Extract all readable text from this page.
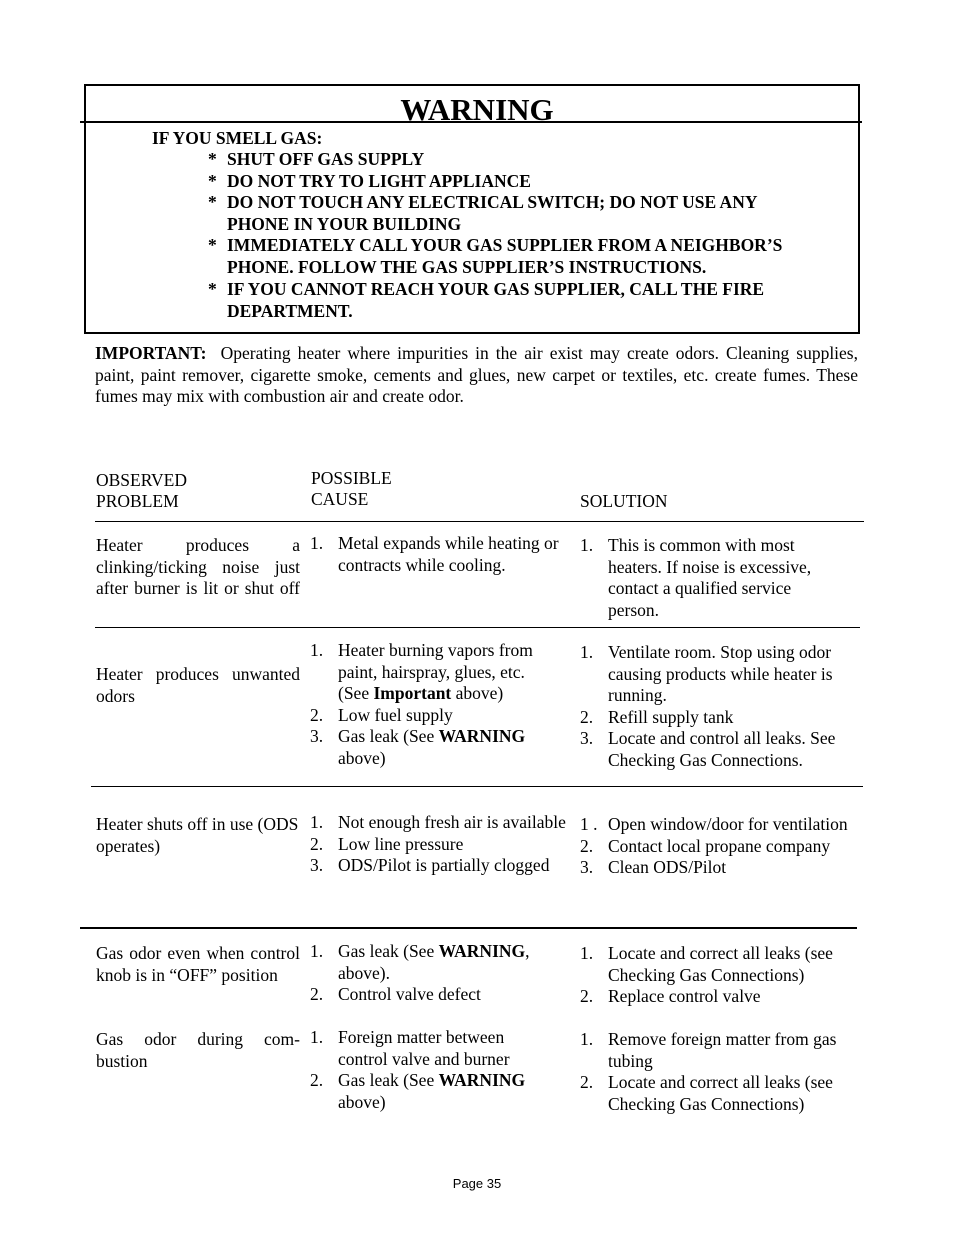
WARNING
IF YOU SMELL GAS:
* SHUT OFF GAS SUPPLY
* DO NOT TRY TO LIGHT APPLIANCE
* DO NOT TOUCH ANY ELECTRICAL SWITCH; DO NOT USE ANY PHONE IN YOUR BUILDING
* IMMEDIATELY CALL YOUR GAS SUPPLIER FROM A NEIGHBOR’S PHONE. FOLLOW THE GAS SUPPLIER’S INSTRUCTIONS.
* IF YOU CANNOT REACH YOUR GAS SUPPLIER, CALL THE FIRE DEPARTMENT.
IMPORTANT: Operating heater where impurities in the air exist may create odors. Cleaning supplies, paint, paint remover, cigarette smoke, cements and glues, new carpet or textiles, etc. create fumes. These fumes may mix with combustion air and create odor.
OBSERVED
PROBLEM
POSSIBLE
CAUSE	SOLUTION
Heater produces a clinking/ticking noise just after burner is lit or shut off
1. Metal expands while heating or contracts while cooling.
1. This is common with most heaters. If noise is excessive, contact a qualified service person.
Heater produces unwanted odors
1. Heater burning vapors from paint, hairspray, glues, etc. (See Important above)
2. Low fuel supply
3. Gas leak (See WARNING above)
1. Ventilate room. Stop using odor causing products while heater is running.
2. Refill supply tank
3. Locate and control all leaks. See Checking Gas Connections.
Heater shuts off in use (ODS operates)
1. Not enough fresh air is available
2. Low line pressure
3. ODS/Pilot is partially clogged
1 . Open window/door for ventilation
2. Contact local propane company
3. Clean ODS/Pilot
Gas odor even when control knob is in “OFF” position
1. Gas leak (See WARNING, above).
2. Control valve defect
1. Locate and correct all leaks (see Checking Gas Connections)
2. Replace control valve
Gas odor during com- bustion
1. Foreign matter between control valve and burner
2. Gas leak (See WARNING above)
1. Remove foreign matter from gas tubing
2. Locate and correct all leaks (see Checking Gas Connections)
Page 35
